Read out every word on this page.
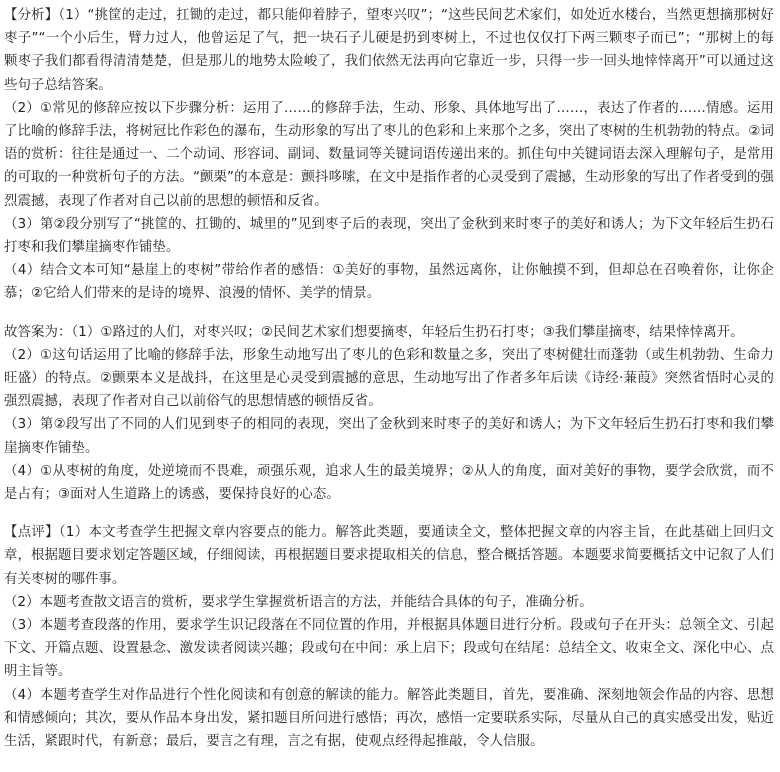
【分析】（1）“挑筐的走过，扛锄的走过，都只能仰着脖子，望枣兴叹”；“这些民间艺术家们，如处近水楼台，当然更想摘那树好枣子”“一个小后生，臂力过人，他曾运足了气，把一块石子儿硬是扔到枣树上，不过也仅仅打下两三颗枣子而已”；“那树上的每颗枣子我们都看得清清楚楚，但是那儿的地势太险峻了，我们依然无法再向它靠近一步，只得一步一回头地悻悻离开”可以通过这些句子总结答案。

（2）①常见的修辞应按以下步骤分析：运用了……的修辞手法，生动、形象、具体地写出了……，表达了作者的……情感。运用了比喻的修辞手法，将树冠比作彩色的瀑布，生动形象的写出了枣儿的色彩和上来那个之多，突出了枣树的生机勃勃的特点。②词语的赏析：往往是通过一、二个动词、形容词、副词、数量词等关键词语传递出来的。抓住句中关键词语去深入理解句子，是常用的可取的一种赏析句子的方法。“颤栗”的本意是：颤抖哆嗦，在文中是指作者的心灵受到了震撼，生动形象的写出了作者受到的强烈震撼，表现了作者对自己以前的思想的顿悟和反省。

（3）第②段分别写了“挑筐的、扛锄的、城里的”见到枣子后的表现，突出了金秋到来时枣子的美好和诱人；为下文年轻后生扔石打枣和我们攀崖摘枣作铺垫。

（4）结合文本可知“悬崖上的枣树”带给作者的感悟：①美好的事物，虽然远离你，让你触摸不到，但却总在召唤着你，让你企慕；②它给人们带来的是诗的境界、浪漫的情怀、美学的情景。

故答案为：（1）①路过的人们，对枣兴叹；②民间艺术家们想要摘枣，年轻后生扔石打枣；③我们攀崖摘枣，结果悻悻离开。

（2）①这句话运用了比喻的修辞手法，形象生动地写出了枣儿的色彩和数量之多，突出了枣树健壮而蓬勃（或生机勃勃、生命力旺盛）的特点。②颤栗本义是战抖，在这里是心灵受到震撼的意思，生动地写出了作者多年后读《诗经·蒹葭》突然省悟时心灵的强烈震撼，表现了作者对自己以前俗气的思想情感的顿悟反省。

（3）第②段写出了不同的人们见到枣子的相同的表现，突出了金秋到来时枣子的美好和诱人；为下文年轻后生扔石打枣和我们攀崖摘枣作铺垫。

（4）①从枣树的角度，处逆境而不畏难，顽强乐观，追求人生的最美境界；②从人的角度，面对美好的事物，要学会欣赏，而不是占有；③面对人生道路上的诱惑，要保持良好的心态。

【点评】（1）本文考查学生把握文章内容要点的能力。解答此类题，要通读全文，整体把握文章的内容主旨，在此基础上回归文章，根据题目要求划定答题区域，仔细阅读，再根据题目要求提取相关的信息，整合概括答题。本题要求简要概括文中记叙了人们有关枣树的哪件事。

（2）本题考查散文语言的赏析，要求学生掌握赏析语言的方法，并能结合具体的句子，准确分析。

（3）本题考查段落的作用，要求学生识记段落在不同位置的作用，并根据具体题目进行分析。段或句子在开头：总领全文、引起下文、开篇点题、设置悬念、激发读者阅读兴趣；段或句在中间：承上启下；段或句在结尾：总结全文、收束全文、深化中心、点明主旨等。

（4）本题考查学生对作品进行个性化阅读和有创意的解读的能力。解答此类题目，首先，要准确、深刻地领会作品的内容、思想和情感倾向；其次，要从作品本身出发，紧扣题目所问进行感悟；再次，感悟一定要联系实际，尽量从自己的真实感受出发，贴近生活，紧跟时代，有新意；最后，要言之有理，言之有据，使观点经得起推敲，令人信服。
